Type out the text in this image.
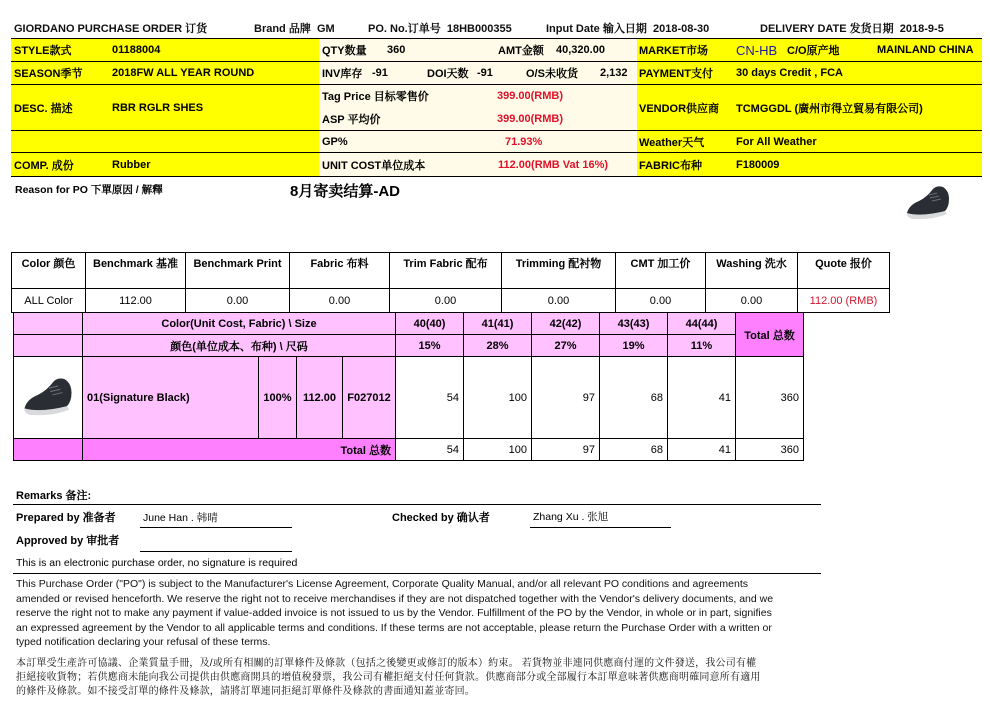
GIORDANO PURCHASE ORDER 订货	Brand 品牌 GM	PO. No.订单号 18HB000355	Input Date 输入日期 2018-08-30	DELIVERY DATE 发货日期 2018-9-5
STYLE款式	01188004
SEASON季节	2018FW ALL YEAR ROUND
DESC. 描述	RBR RGLR SHES
COMP. 成份	Rubber
QTY数量 360	AMT金额 40,320.00
INV库存 -91	DOI天数 -91	O/S未收货 2,132
Tag Price 目标零售价	399.00(RMB)
ASP 平均价	399.00(RMB)
GP%	71.93%
UNIT COST单位成本	112.00(RMB Vat 16%)
MARKET市场 CN-HB C/O原产地	MAINLAND CHINA
PAYMENT支付 30 days Credit , FCA
VENDOR供应商 TCMGGDL (廣州市得立貿易有限公司)
Weather天气	For All Weather
FABRIC布种	F180009
Reason for PO 下單原因 / 解釋	8月寄卖结算-AD
Color 颜色	Benchmark 基准	Benchmark Print	Fabric 布料	Trim Fabric 配布	Trimming 配衬物	CMT 加工价	Washing 洗水	Quote 报价
ALL Color	112.00	0.00	0.00	0.00	0.00	0.00	0.00	112.00 (RMB)
	Color(Unit Cost, Fabric) \ Size				40(40)	41(41)	42(42)	43(43)	44(44)	Total 总数
	颜色(单位成本、布种) \ 尺码				15%	28%	27%	19%	11%	
	01(Signature Black)	100%	112.00	F027012	54	100	97	68	41	360
	Total 总数				54	100	97	68	41	360
Remarks 备注:
Prepared by 准备者	June Han . 韩晴	Checked by 确认者	Zhang Xu . 张旭
Approved by 审批者
This is an electronic purchase order, no signature is required
This Purchase Order ("PO") is subject to the Manufacturer's License Agreement, Corporate Quality Manual, and/or all relevant PO conditions and agreements
amended or revised henceforth. We reserve the right not to receive merchandises if they are not dispatched together with the Vendor's delivery documents, and we
reserve the right not to make any payment if value-added invoice is not issued to us by the Vendor. Fulfillment of the PO by the Vendor, in whole or in part, signifies
an expressed agreement by the Vendor to all applicable terms and conditions. If these terms are not acceptable, please return the Purchase Order with a written or
typed notification declaring your refusal of these terms.
本訂單受生產許可協議、企業質量手冊，及/或所有相關的訂單條件及條款（包括之後變更或修訂的版本）約束。 若貨物並非連同供應商付運的文件發送，我公司有權
拒絕接收貨物；若供應商未能向我公司提供由供應商開具的增值稅發票，我公司有權拒絕支付任何貨款。供應商部分或全部履行本訂單意味著供應商明確同意所有適用
的條件及條款。如不接受訂單的條件及條款，請將訂單連同拒絕訂單條件及條款的書面通知蓋並寄回。
